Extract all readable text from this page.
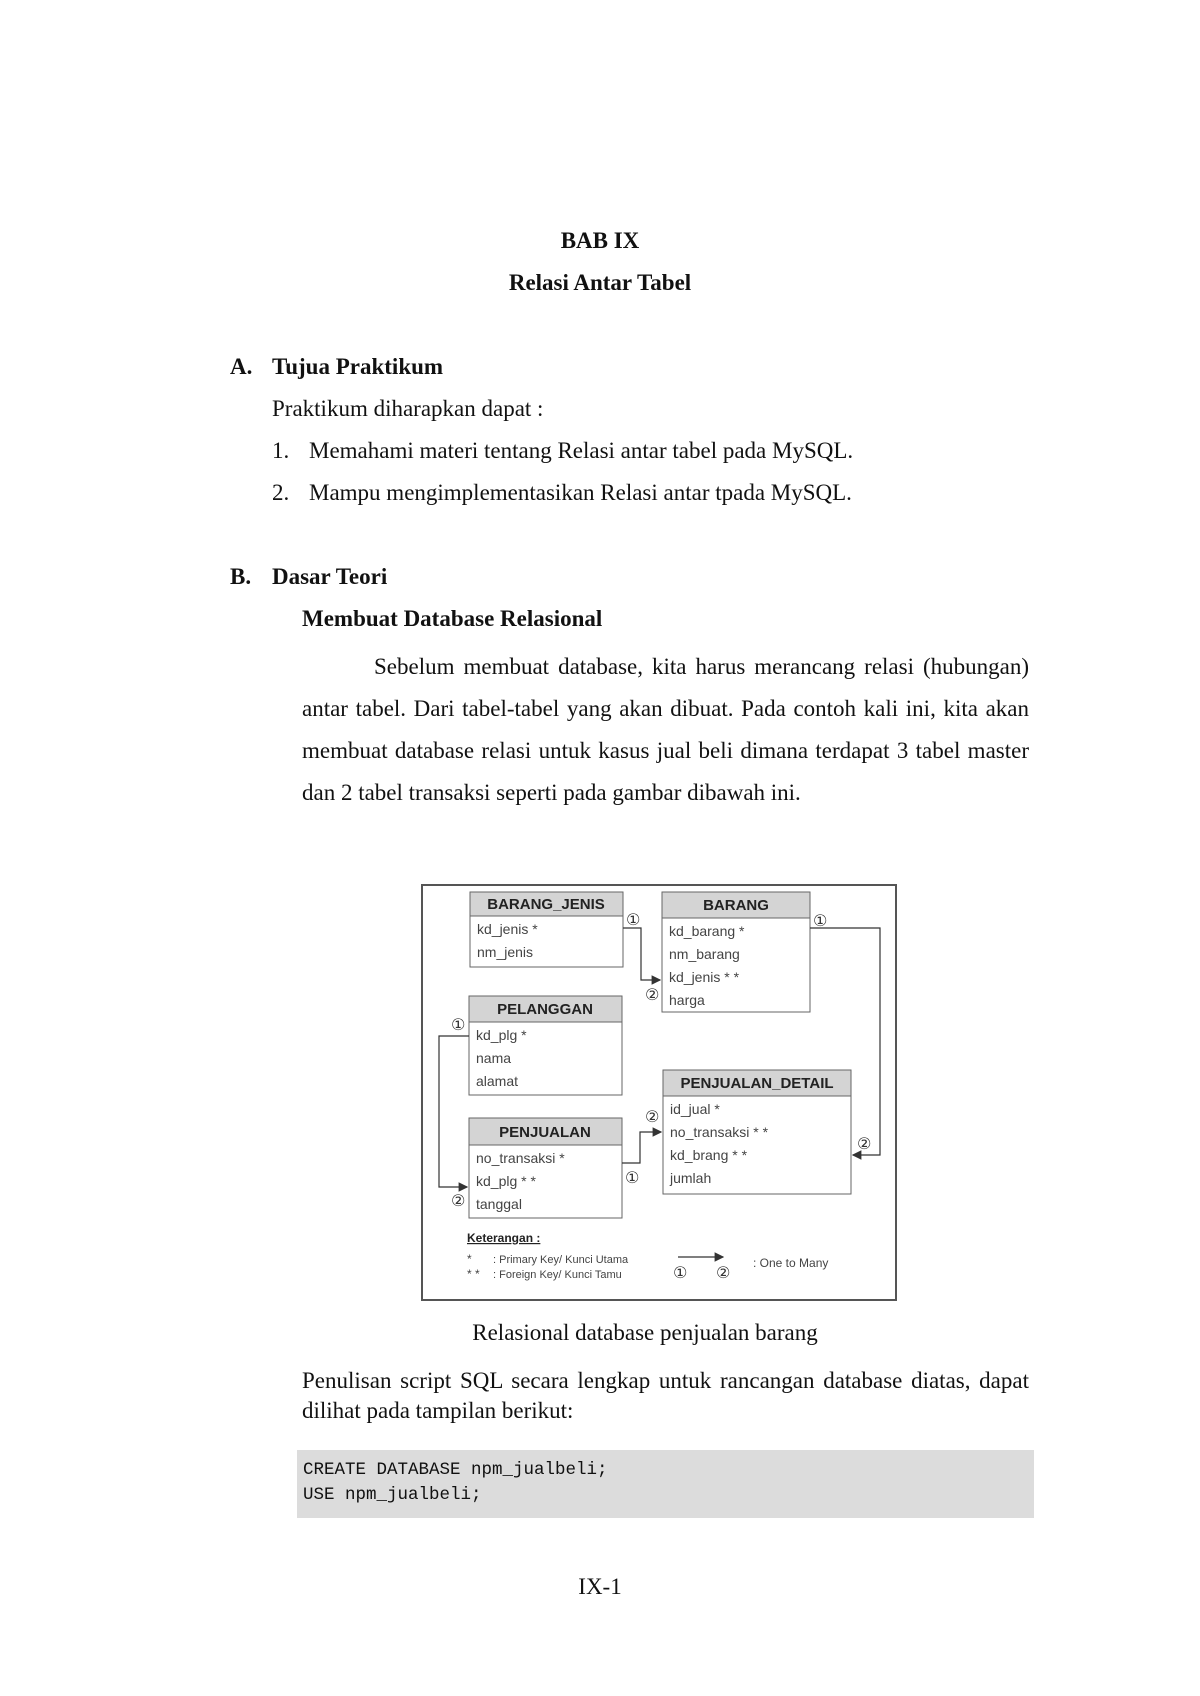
BAB IX
Relasi Antar Tabel
A. Tujua Praktikum
Praktikum diharapkan dapat :
1. Memahami materi tentang Relasi antar tabel pada MySQL.
2. Mampu mengimplementasikan Relasi antar tpada MySQL.
B. Dasar Teori
Membuat Database Relasional
Sebelum membuat database, kita harus merancang relasi (hubungan) antar tabel. Dari tabel-tabel yang akan dibuat. Pada contoh kali ini, kita akan membuat database relasi untuk kasus jual beli dimana terdapat 3 tabel master dan 2 tabel transaksi seperti pada gambar dibawah ini.
BARANG_JENIS
kd_jenis *
nm_jenis
BARANG
kd_barang *
nm_barang
kd_jenis * *
harga
PELANGGAN
kd_plg *
nama
alamat	PENJUALAN_DETAIL
id_jual *
no_transaksi * *
kd_brang * *
jumlah
PENJUALAN
no_transaksi *
kd_plg * *
tanggal
①
②
①
②
①
②
②
①
Keterangan :
* : Primary Key/ Kunci Utama
* * : Foreign Key/ Kunci Tamu	① ②
: One to Many
Relasional database penjualan barang
Penulisan script SQL secara lengkap untuk rancangan database diatas, dapat dilihat pada tampilan berikut:
CREATE DATABASE npm_jualbeli;
USE npm_jualbeli;
IX-1
